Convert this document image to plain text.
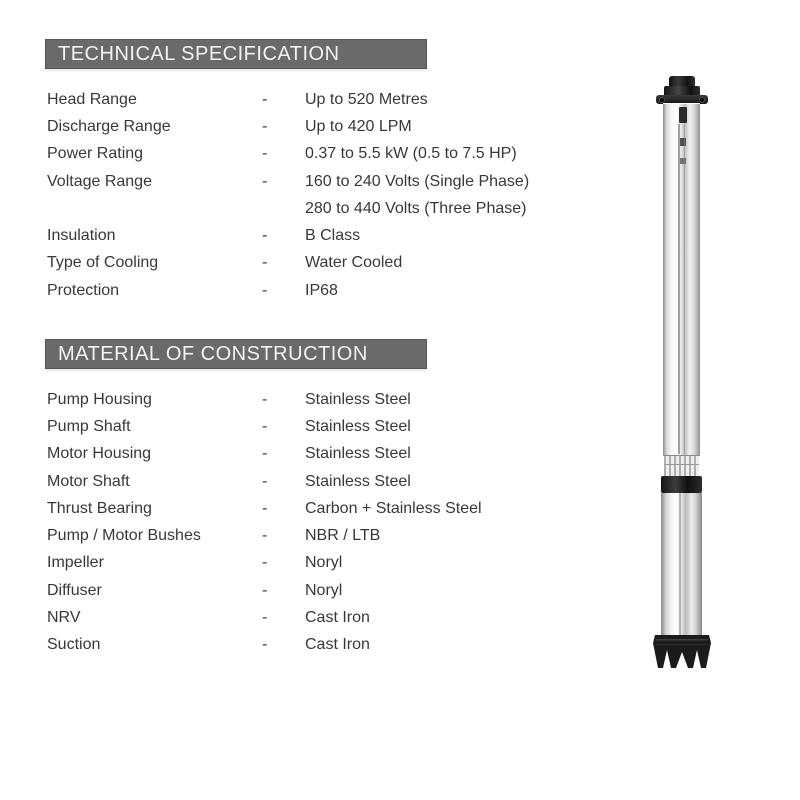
TECHNICAL SPECIFICATION
Head Range	-	Up to 520 Metres
Discharge Range	-	Up to 420 LPM
Power Rating	-	0.37 to 5.5 kW (0.5 to 7.5 HP)
Voltage Range	-	160 to 240 Volts (Single Phase)
280 to 440 Volts (Three Phase)
Insulation	-	B Class
Type of Cooling	-	Water Cooled
Protection	-	IP68
MATERIAL OF CONSTRUCTION
Pump Housing	-	Stainless Steel
Pump Shaft	-	Stainless Steel
Motor Housing	-	Stainless Steel
Motor Shaft	-	Stainless Steel
Thrust Bearing	-	Carbon + Stainless Steel
Pump / Motor Bushes	-	NBR / LTB
Impeller	-	Noryl
Diffuser	-	Noryl
NRV	-	Cast Iron
Suction	-	Cast Iron
